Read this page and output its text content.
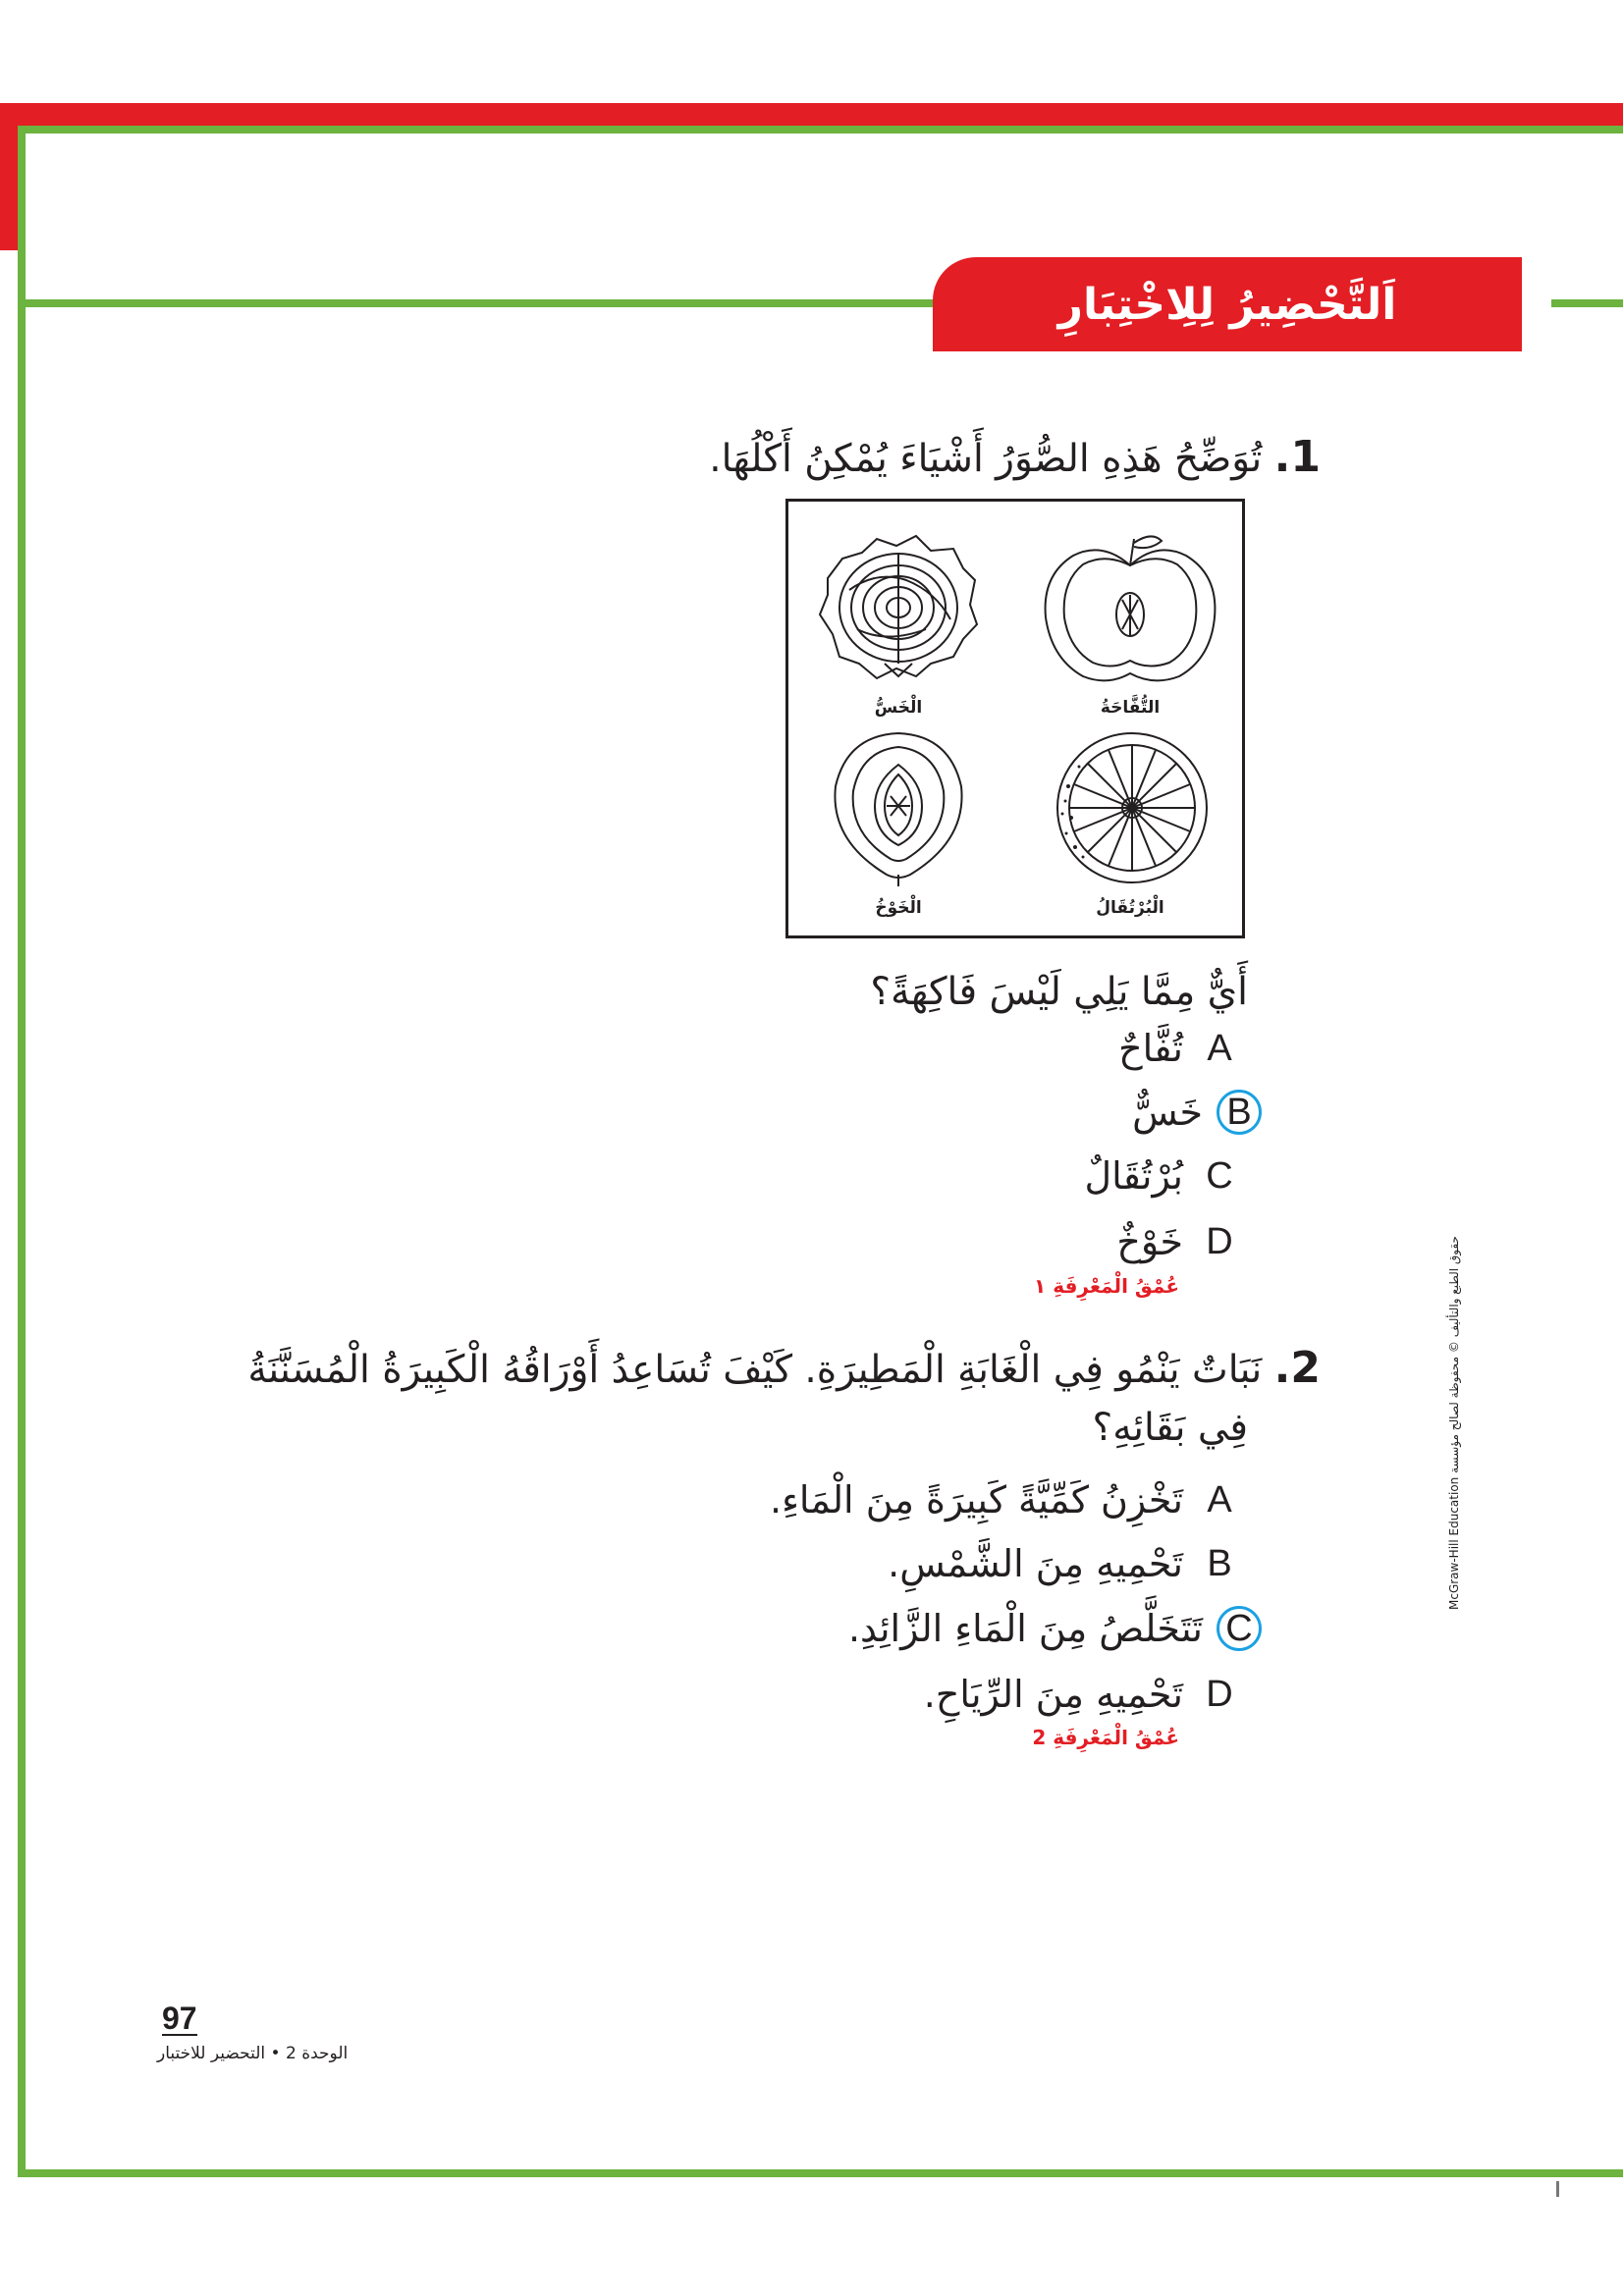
اَلتَّحْضِيرُ لِلِاخْتِبَارِ
1. تُوَضِّحُ هَذِهِ الصُّوَرُ أَشْيَاءَ يُمْكِنُ أَكْلُهَا.
الْخَسُّ	التُّفَّاحَةُ
الْخَوْخُ	الْبُرْتُقَالُ
أَيٌّ مِمَّا يَلِي لَيْسَ فَاكِهَةً؟
تُفَّاحٌ A
خَسٌّ B
بُرْتُقَالٌ C
خَوْخٌ D
عُمْقُ الْمَعْرِفَةِ ١
2. نَبَاتٌ يَنْمُو فِي الْغَابَةِ الْمَطِيرَةِ. كَيْفَ تُسَاعِدُ أَوْرَاقُهُ الْكَبِيرَةُ الْمُسَنَّنَةُ
فِي بَقَائِهِ؟
تَخْزِنُ كَمِّيَّةً كَبِيرَةً مِنَ الْمَاءِ. A
تَحْمِيهِ مِنَ الشَّمْسِ. B
تَتَخَلَّصُ مِنَ الْمَاءِ الزَّائِدِ. C
تَحْمِيهِ مِنَ الرِّيَاحِ. D
عُمْقُ الْمَعْرِفَةِ 2
حقوق الطبع والتأليف © محفوظة لصالح مؤسسة McGraw-Hill Education
97
الوحدة 2 • التحضير للاختبار
